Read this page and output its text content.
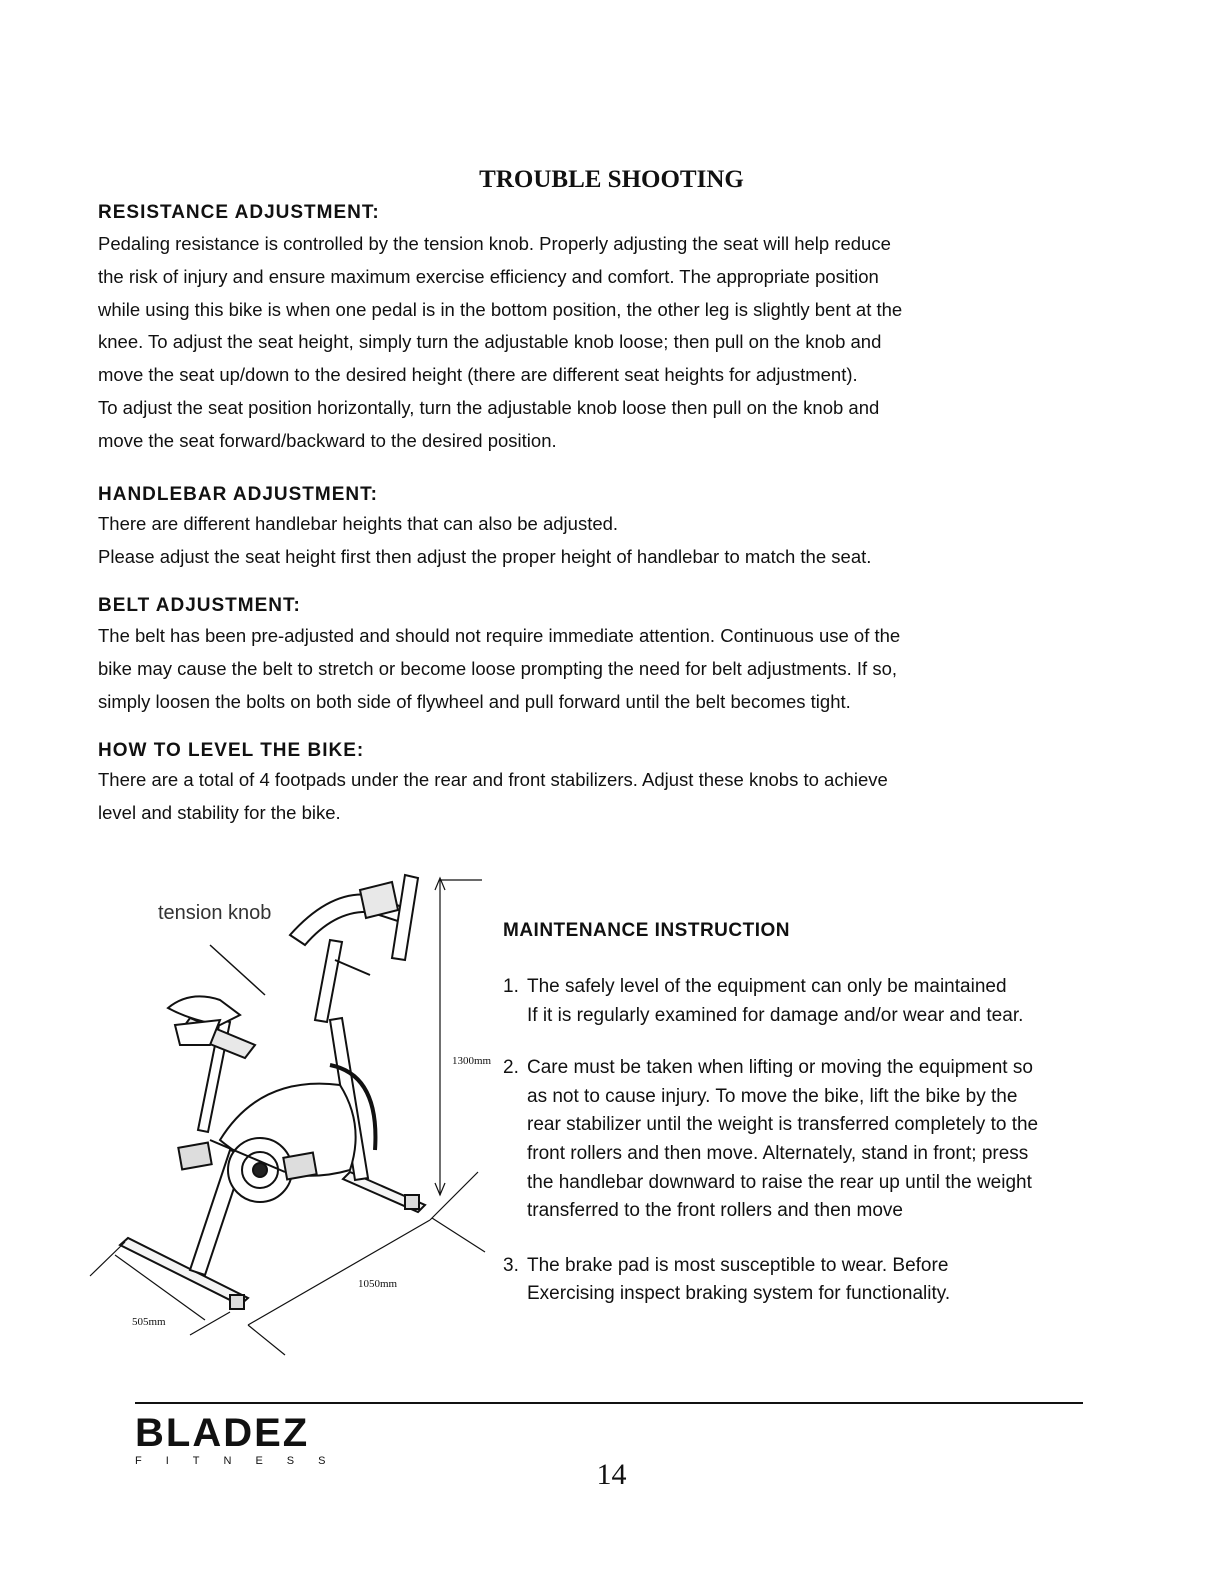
TROUBLE SHOOTING
RESISTANCE ADJUSTMENT:
Pedaling resistance is controlled by the tension knob. Properly adjusting the seat will help reduce
the risk of injury and ensure maximum exercise efficiency and comfort. The appropriate position
while using this bike is when one pedal is in the bottom position, the other leg is slightly bent at the
knee. To adjust the seat height, simply turn the adjustable knob loose; then pull on the knob and
move the seat up/down to the desired height (there are different seat heights for adjustment).
To adjust the seat position horizontally, turn the adjustable knob loose then pull on the knob and
move the seat forward/backward to the desired position.
HANDLEBAR ADJUSTMENT:
There are different handlebar heights that can also be adjusted.
Please adjust the seat height first then adjust the proper height of handlebar to match the seat.
BELT ADJUSTMENT:
The belt has been pre-adjusted and should not require immediate attention. Continuous use of the
bike may cause the belt to stretch or become loose prompting the need for belt adjustments. If so,
simply loosen the bolts on both side of flywheel and pull forward until the belt becomes tight.
HOW TO LEVEL THE BIKE:
There are a total of 4 footpads under the rear and front stabilizers. Adjust these knobs to achieve
level and stability for the bike.
tension knob
1300mm
1050mm
505mm
MAINTENANCE INSTRUCTION
1. The safely level of the equipment can only be maintained
If it is regularly examined for damage and/or wear and tear.
2. Care must be taken when lifting or moving the equipment so
as not to cause injury. To move the bike, lift the bike by the
rear stabilizer until the weight is transferred completely to the
front rollers and then move. Alternately, stand in front; press
the handlebar downward to raise the rear up until the weight
transferred to the front rollers and then move
3. The brake pad is most susceptible to wear. Before
Exercising inspect braking system for functionality.
BLADEZ
FITNESS	14
